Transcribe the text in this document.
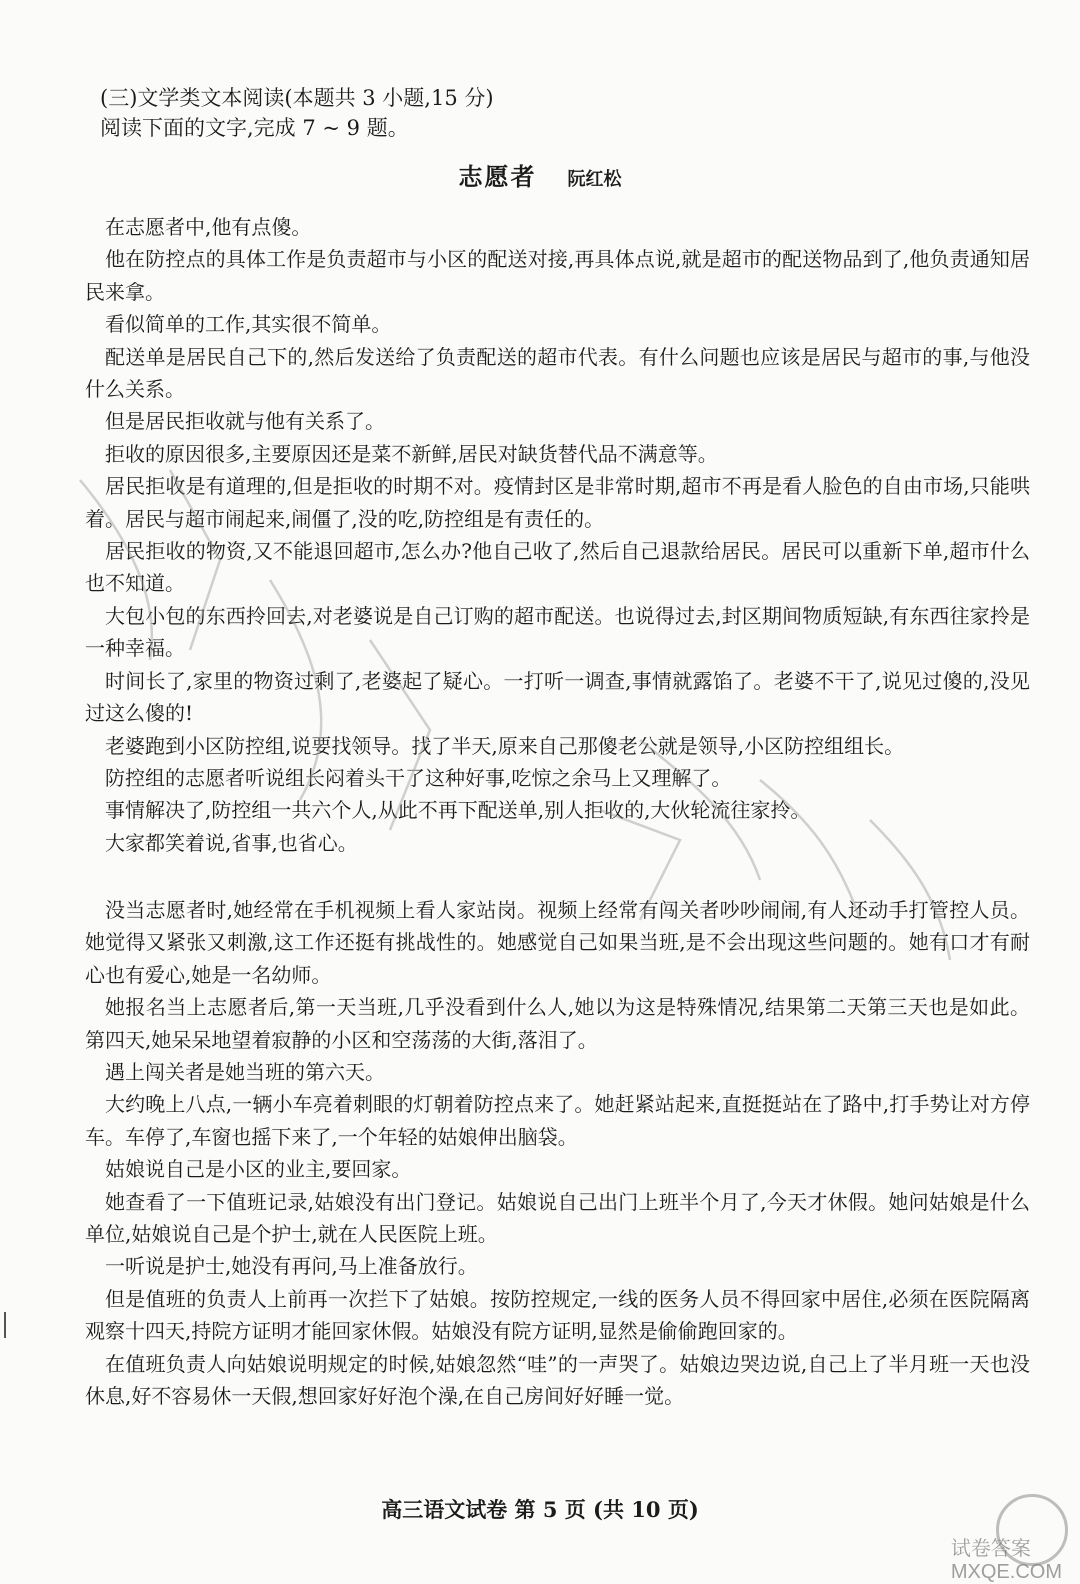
(三)文学类文本阅读(本题共 3 小题,15 分)
阅读下面的文字,完成 7 ~ 9 题。
志愿者 阮红松

在志愿者中,他有点傻。

他在防控点的具体工作是负责超市与小区的配送对接,再具体点说,就是超市的配送物品到了,他负责通知居民来拿。

看似简单的工作,其实很不简单。

配送单是居民自己下的,然后发送给了负责配送的超市代表。有什么问题也应该是居民与超市的事,与他没什么关系。

但是居民拒收就与他有关系了。

拒收的原因很多,主要原因还是菜不新鲜,居民对缺货替代品不满意等。

居民拒收是有道理的,但是拒收的时期不对。疫情封区是非常时期,超市不再是看人脸色的自由市场,只能哄着。居民与超市闹起来,闹僵了,没的吃,防控组是有责任的。

居民拒收的物资,又不能退回超市,怎么办?他自己收了,然后自己退款给居民。居民可以重新下单,超市什么也不知道。

大包小包的东西拎回去,对老婆说是自己订购的超市配送。也说得过去,封区期间物质短缺,有东西往家拎是一种幸福。

时间长了,家里的物资过剩了,老婆起了疑心。一打听一调查,事情就露馅了。老婆不干了,说见过傻的,没见过这么傻的!

老婆跑到小区防控组,说要找领导。找了半天,原来自己那傻老公就是领导,小区防控组组长。

防控组的志愿者听说组长闷着头干了这种好事,吃惊之余马上又理解了。

事情解决了,防控组一共六个人,从此不再下配送单,别人拒收的,大伙轮流往家拎。

大家都笑着说,省事,也省心。

没当志愿者时,她经常在手机视频上看人家站岗。视频上经常有闯关者吵吵闹闹,有人还动手打管控人员。她觉得又紧张又刺激,这工作还挺有挑战性的。她感觉自己如果当班,是不会出现这些问题的。她有口才有耐心也有爱心,她是一名幼师。

她报名当上志愿者后,第一天当班,几乎没看到什么人,她以为这是特殊情况,结果第二天第三天也是如此。第四天,她呆呆地望着寂静的小区和空荡荡的大街,落泪了。

遇上闯关者是她当班的第六天。

大约晚上八点,一辆小车亮着刺眼的灯朝着防控点来了。她赶紧站起来,直挺挺站在了路中,打手势让对方停车。车停了,车窗也摇下来了,一个年轻的姑娘伸出脑袋。

姑娘说自己是小区的业主,要回家。

她查看了一下值班记录,姑娘没有出门登记。姑娘说自己出门上班半个月了,今天才休假。她问姑娘是什么单位,姑娘说自己是个护士,就在人民医院上班。

一听说是护士,她没有再问,马上准备放行。

但是值班的负责人上前再一次拦下了姑娘。按防控规定,一线的医务人员不得回家中居住,必须在医院隔离观察十四天,持院方证明才能回家休假。姑娘没有院方证明,显然是偷偷跑回家的。

在值班负责人向姑娘说明规定的时候,姑娘忽然“哇”的一声哭了。姑娘边哭边说,自己上了半月班一天也没休息,好不容易休一天假,想回家好好泡个澡,在自己房间好好睡一觉。

高三语文试卷 第 5 页 (共 10 页)
试卷答案
MXQE.COM
